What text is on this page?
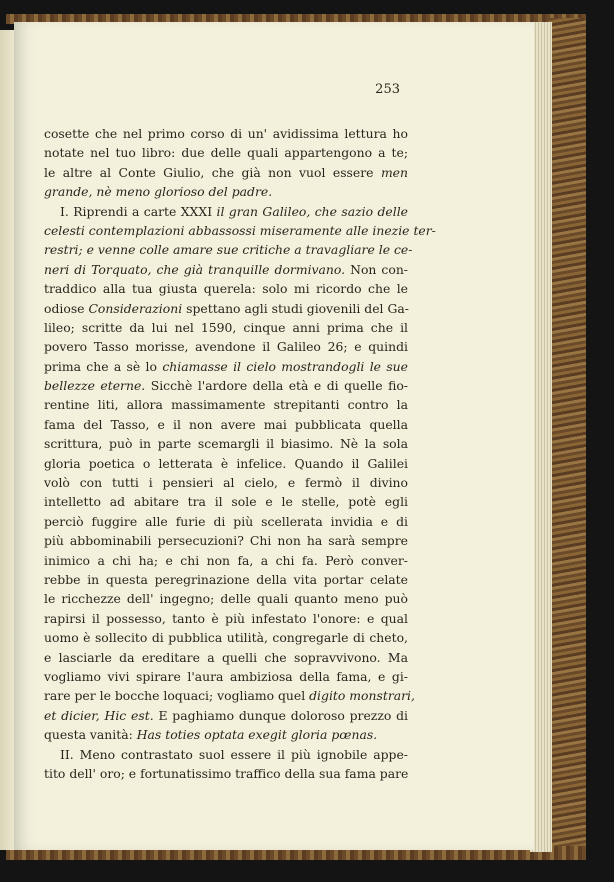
253
cosette che nel primo corso di un' avidissima lettura ho
notate nel tuo libro: due delle quali appartengono a te;
le altre al Conte Giulio, che già non vuol essere men
grande, nè meno glorioso del padre.
I. Riprendi a carte XXXI il gran Galileo, che sazio delle
celesti contemplazioni abbassossi miseramente alle inezie ter-
restri; e venne colle amare sue critiche a travagliare le ce-
neri di Torquato, che già tranquille dormivano. Non con-
traddico alla tua giusta querela: solo mi ricordo che le
odiose Considerazioni spettano agli studi giovenili del Ga-
lileo; scritte da lui nel 1590, cinque anni prima che il
povero Tasso morisse, avendone il Galileo 26; e quindi
prima che a sè lo chiamasse il cielo mostrandogli le sue
bellezze eterne. Sicchè l'ardore della età e di quelle fio-
rentine liti, allora massimamente strepitanti contro la
fama del Tasso, e il non avere mai pubblicata quella
scrittura, può in parte scemargli il biasimo. Nè la sola
gloria poetica o letterata è infelice. Quando il Galilei
volò con tutti i pensieri al cielo, e fermò il divino
intelletto ad abitare tra il sole e le stelle, potè egli
perciò fuggire alle furie di più scellerata invidia e di
più abbominabili persecuzioni? Chi non ha sarà sempre
inimico a chi ha; e chi non fa, a chi fa. Però conver-
rebbe in questa peregrinazione della vita portar celate
le ricchezze dell' ingegno; delle quali quanto meno può
rapirsi il possesso, tanto è più infestato l'onore: e qual
uomo è sollecito di pubblica utilità, congregarle di cheto,
e lasciarle da ereditare a quelli che sopravvivono. Ma
vogliamo vivi spirare l'aura ambiziosa della fama, e gi-
rare per le bocche loquaci; vogliamo quel digito monstrari,
et dicier, Hic est. E paghiamo dunque doloroso prezzo di
questa vanità: Has toties optata exegit gloria pœnas.
II. Meno contrastato suol essere il più ignobile appe-
tito dell' oro; e fortunatissimo traffico della sua fama pare
